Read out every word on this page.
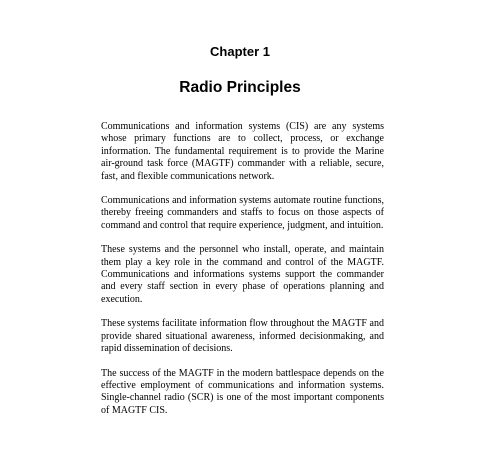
Chapter 1
Radio Principles

Communications and information systems (CIS) are any systems whose primary functions are to collect, process, or exchange information. The fundamental requirement is to provide the Marine air-ground task force (MAGTF) commander with a reliable, secure, fast, and flexible communications network.

Communications and information systems automate routine functions, thereby freeing commanders and staffs to focus on those aspects of command and control that require experience, judgment, and intuition.

These systems and the personnel who install, operate, and maintain them play a key role in the command and control of the MAGTF. Communications and informations systems support the commander and every staff section in every phase of operations planning and execution.

These systems facilitate information flow throughout the MAGTF and provide shared situational awareness, informed decisionmaking, and rapid dissemination of decisions.

The success of the MAGTF in the modern battlespace depends on the effective employment of communications and information systems. Single-channel radio (SCR) is one of the most important components of MAGTF CIS.
